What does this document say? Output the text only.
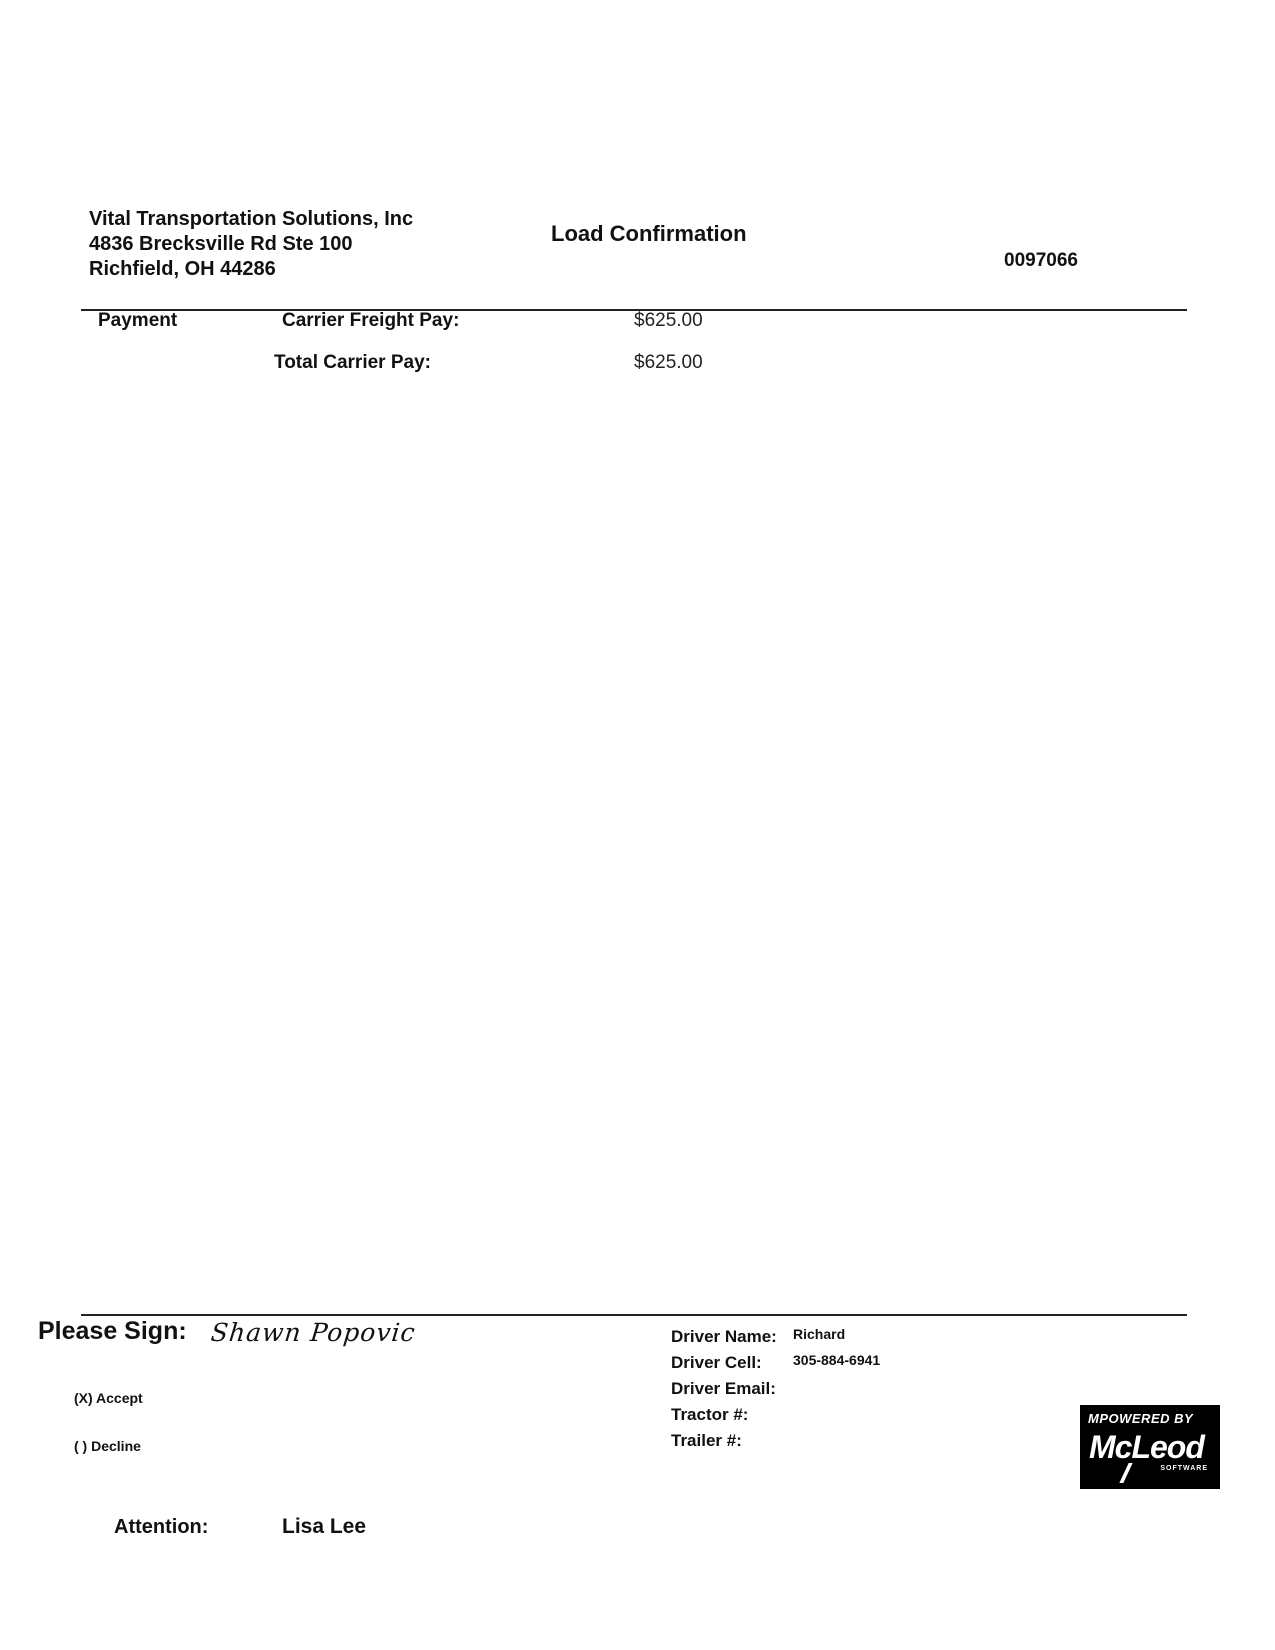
Vital Transportation Solutions, Inc
4836 Brecksville Rd Ste 100
Richfield, OH 44286
Load Confirmation
0097066
Payment	Carrier Freight Pay:	$625.00
Total Carrier Pay:	$625.00
Please Sign: Shawn Popovic
(X) Accept
( ) Decline
Driver Name: Richard
Driver Cell: 305-884-6941
Driver Email:
Tractor #:
Trailer #:
MPOWERED BY
McLeod
SOFTWARE
Attention:	Lisa Lee
